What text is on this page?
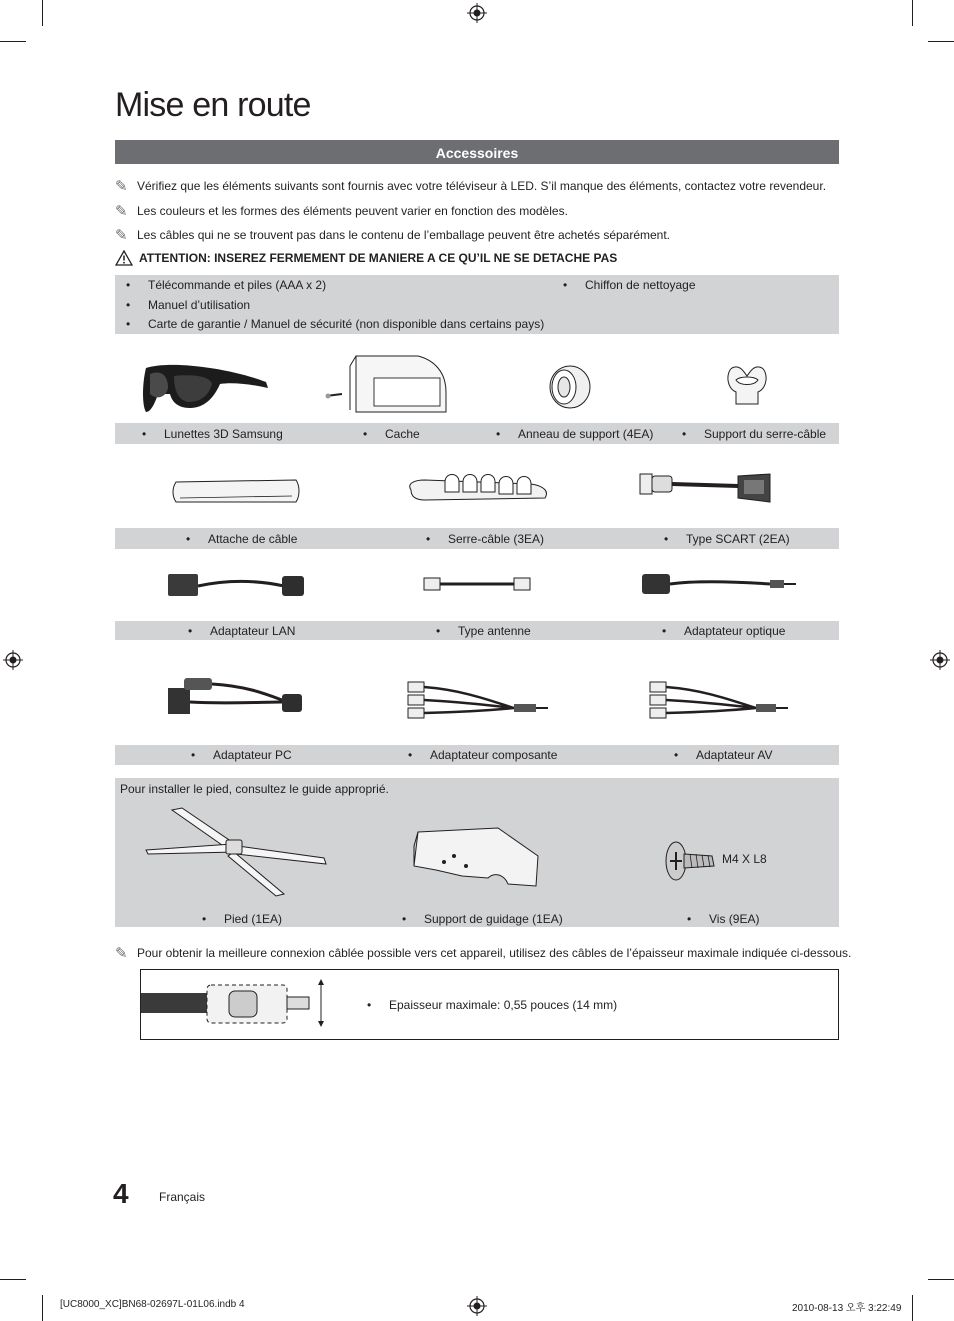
Mise en route
Accessoires
✎ Vérifiez que les éléments suivants sont fournis avec votre téléviseur à LED. S’il manque des éléments, contactez votre revendeur.
✎ Les couleurs et les formes des éléments peuvent varier en fonction des modèles.
✎ Les câbles qui ne se trouvent pas dans le contenu de l’emballage peuvent être achetés séparément.
ATTENTION: INSEREZ FERMEMENT DE MANIERE A CE QU’IL NE SE DETACHE PAS
• Télécommande et piles (AAA x 2)
• Manuel d’utilisation
• Carte de garantie / Manuel de sécurité (non disponible dans certains pays)
• Chiffon de nettoyage
• Lunettes 3D Samsung	• Cache	• Anneau de support (4EA) • Support du serre-câble
• Attache de câble	• Serre-câble (3EA)	• Type SCART (2EA)
• Adaptateur LAN	• Type antenne	• Adaptateur optique
• Adaptateur PC	• Adaptateur composante	• Adaptateur AV
Pour installer le pied, consultez le guide approprié.
M4 X L8
• Pied (1EA)	• Support de guidage (1EA)	• Vis (9EA)
✎ Pour obtenir la meilleure connexion câblée possible vers cet appareil, utilisez des câbles de l’épaisseur maximale indiquée ci-dessous.
• Epaisseur maximale: 0,55 pouces (14 mm)
4	Français
[UC8000_XC]BN68-02697L-01L06.indb 4	2010-08-13 오후 3:22:49
